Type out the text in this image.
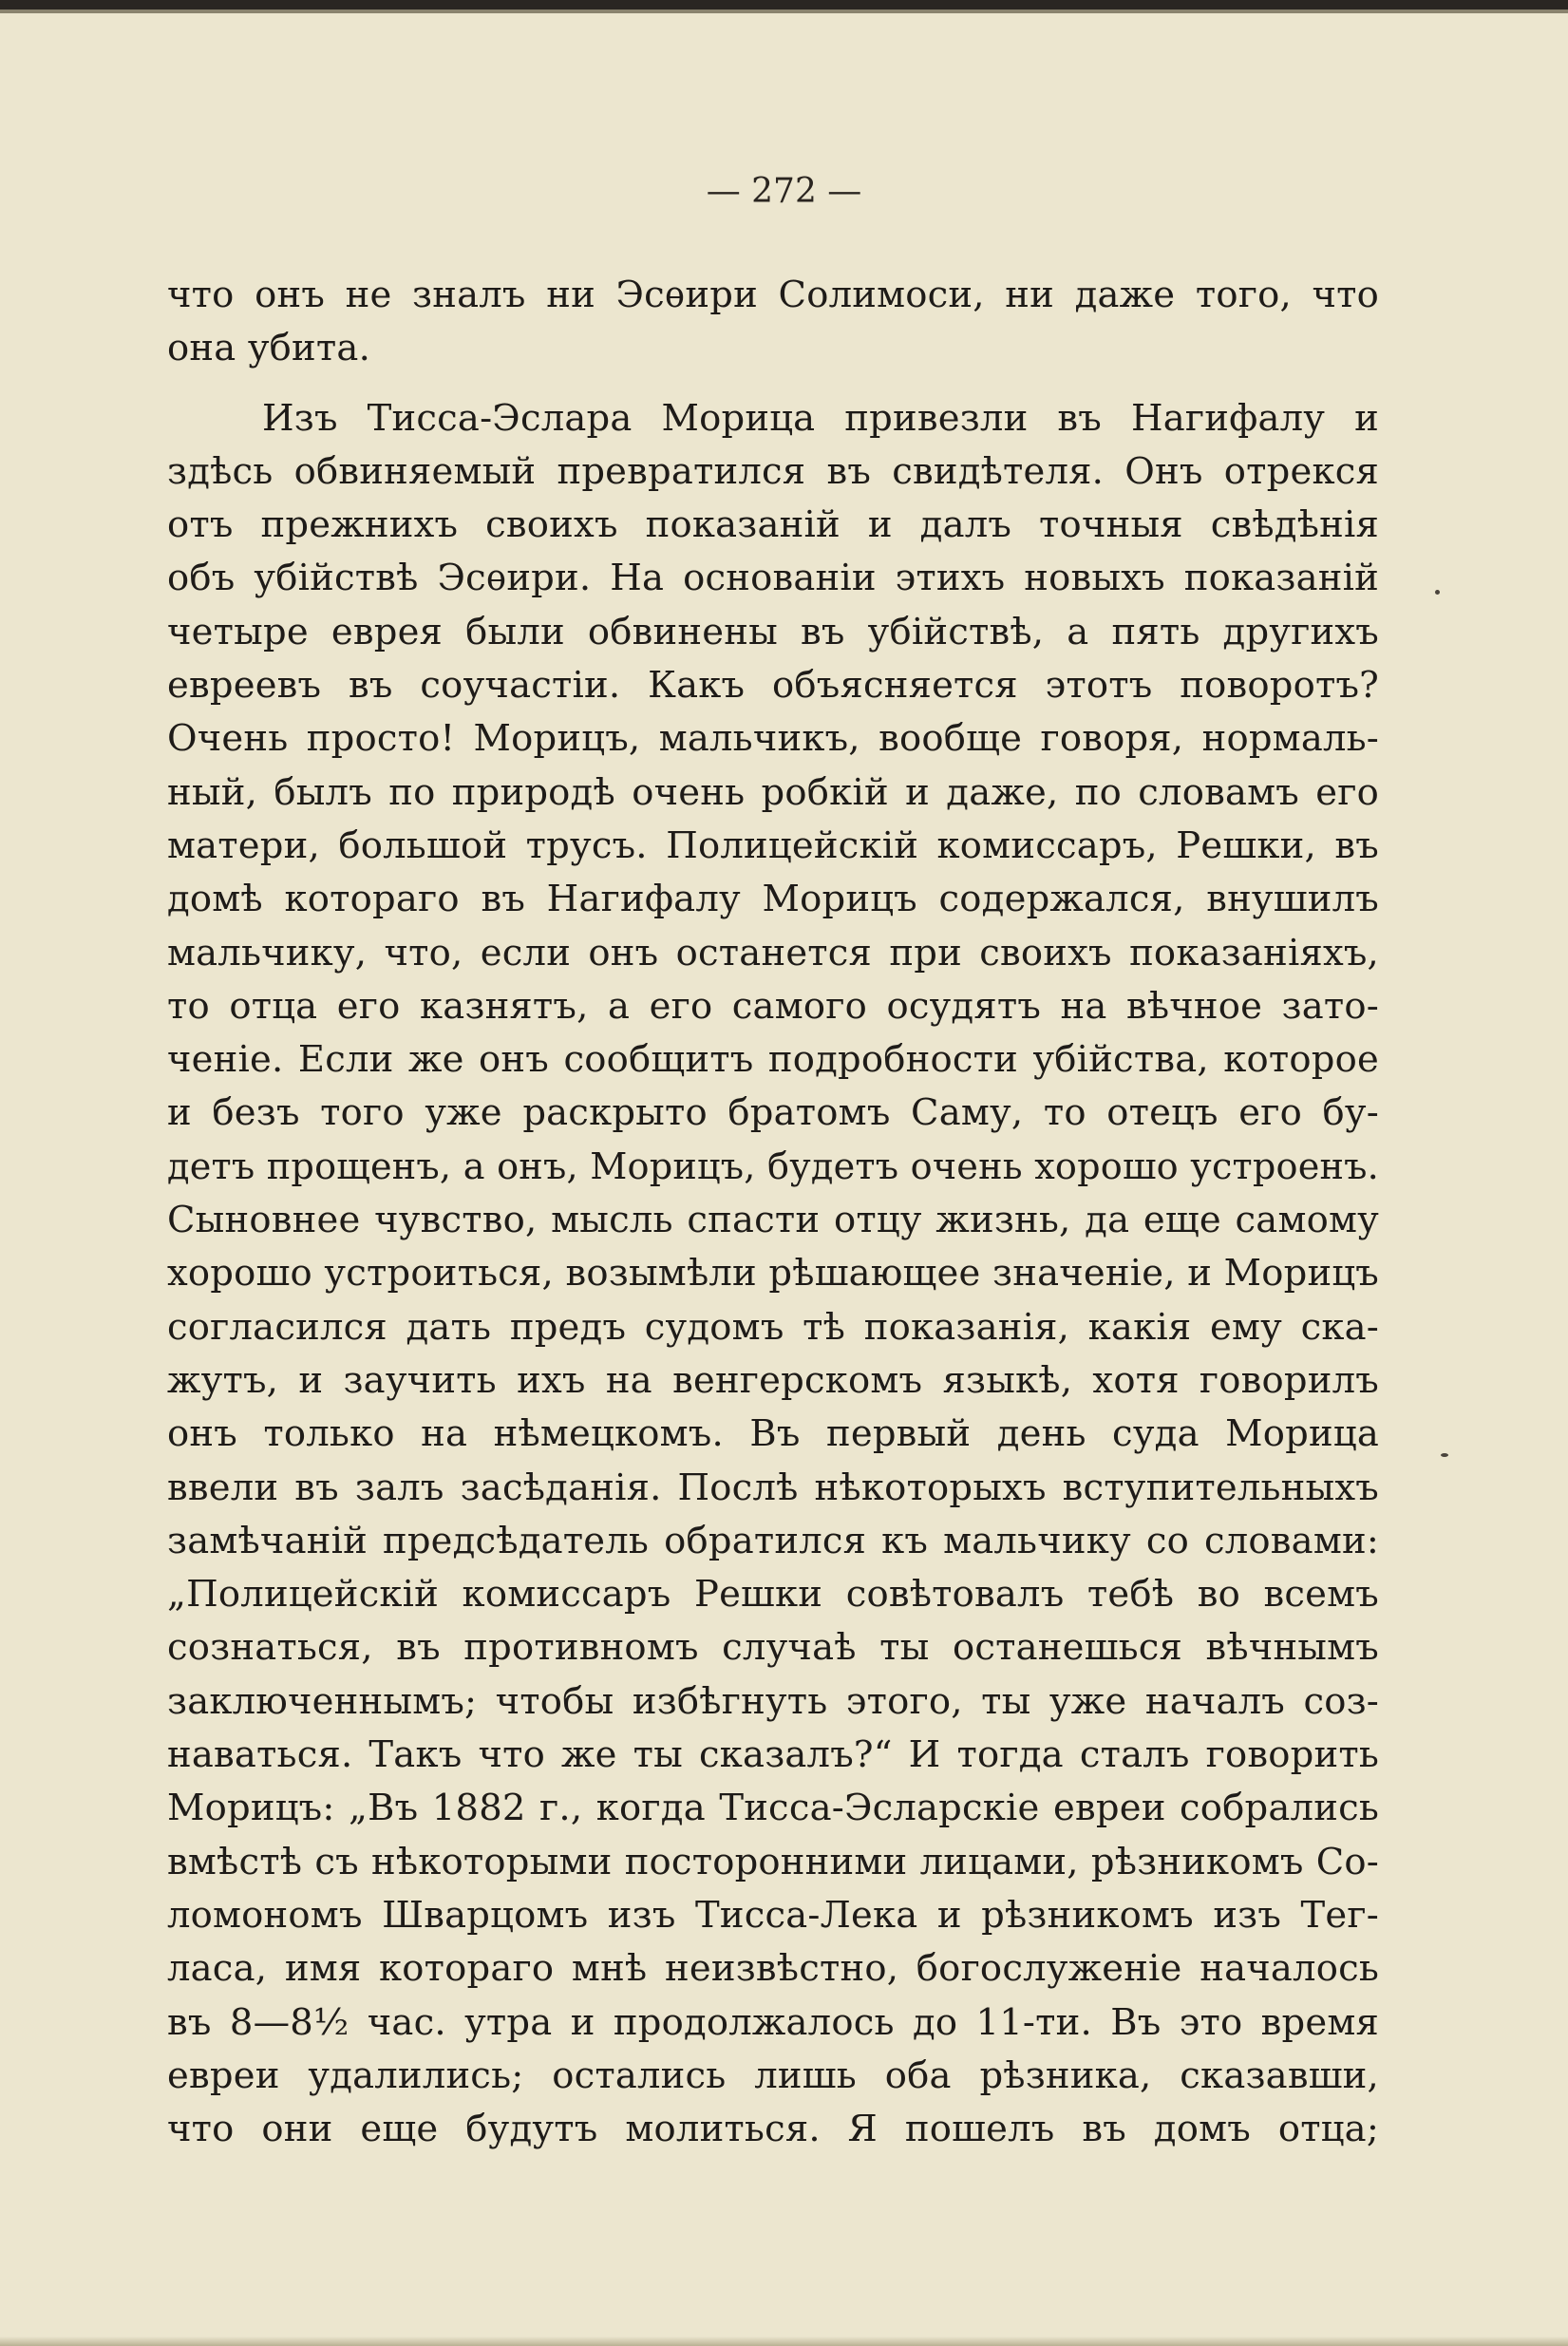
— 272 —
что онъ не зналъ ни Эсѳири Солимоси, ни даже того, что
она убита.
Изъ Тисса-Эслара Морица привезли въ Нагифалу и
здѣсь обвиняемый превратился въ свидѣтеля. Онъ отрекся
отъ прежнихъ своихъ показаній и далъ точныя свѣдѣнія
объ убійствѣ Эсѳири. На основаніи этихъ новыхъ показаній
четыре еврея были обвинены въ убійствѣ, а пять другихъ
евреевъ въ соучастіи. Какъ объясняется этотъ поворотъ?
Очень просто! Морицъ, мальчикъ, вообще говоря, нормаль-
ный, былъ по природѣ очень робкій и даже, по словамъ его
матери, большой трусъ. Полицейскій комиссаръ, Решки, въ
домѣ котораго въ Нагифалу Морицъ содержался, внушилъ
мальчику, что, если онъ останется при своихъ показаніяхъ,
то отца его казнятъ, а его самого осудятъ на вѣчное зато-
ченіе. Если же онъ сообщитъ подробности убійства, которое
и безъ того уже раскрыто братомъ Саму, то отецъ его бу-
детъ прощенъ, а онъ, Морицъ, будетъ очень хорошо устроенъ.
Сыновнее чувство, мысль спасти отцу жизнь, да еще самому
хорошо устроиться, возымѣли рѣшающее значеніе, и Морицъ
согласился дать предъ судомъ тѣ показанія, какія ему ска-
жутъ, и заучить ихъ на венгерскомъ языкѣ, хотя говорилъ
онъ только на нѣмецкомъ. Въ первый день суда Морица
ввели въ залъ засѣданія. Послѣ нѣкоторыхъ вступительныхъ
замѣчаній предсѣдатель обратился къ мальчику со словами:
„Полицейскій комиссаръ Решки совѣтовалъ тебѣ во всемъ
сознаться, въ противномъ случаѣ ты останешься вѣчнымъ
заключеннымъ; чтобы избѣгнуть этого, ты уже началъ соз-
наваться. Такъ что же ты сказалъ?“ И тогда сталъ говорить
Морицъ: „Въ 1882 г., когда Тисса-Эсларскіе евреи собрались
вмѣстѣ съ нѣкоторыми посторонними лицами, рѣзникомъ Со-
ломономъ Шварцомъ изъ Тисса-Лека и рѣзникомъ изъ Тег-
ласа, имя котораго мнѣ неизвѣстно, богослуженіе началось
въ 8—8½ час. утра и продолжалось до 11-ти. Въ это время
евреи удалились; остались лишь оба рѣзника, сказавши,
что они еще будутъ молиться. Я пошелъ въ домъ отца;
